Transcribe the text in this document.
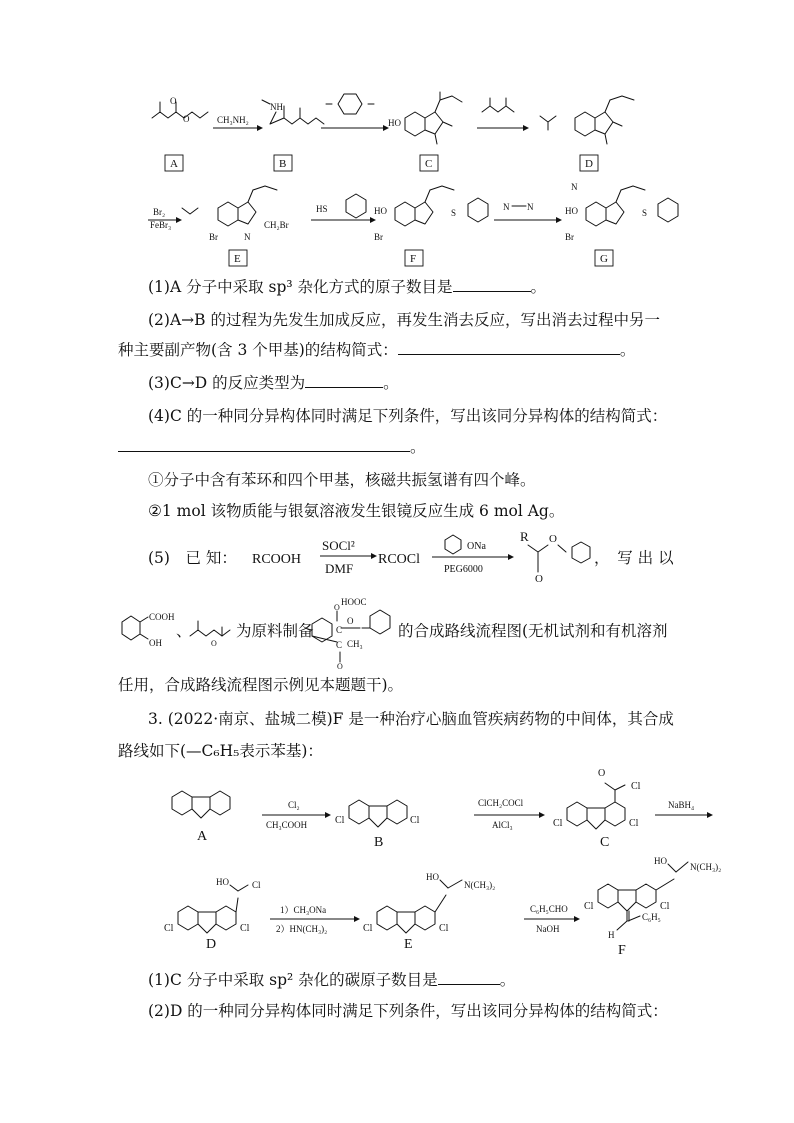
O
O
A
CH₃NH₂
NH
B
HO
C	D
Br₂
FeBr₃
Br
CH₂Br
N
E
HS	HO
Br
S
F
N N
N
HO
Br
S
G
(1)A 分子中采取 sp³ 杂化方式的原子数目是	。
(2)A→B 的过程为先发生加成反应，再发生消去反应，写出消去过程中另一
种主要副产物(含 3 个甲基)的结构简式：	。
(3)C→D 的反应类型为	。
(4)C 的一种同分异构体同时满足下列条件，写出该同分异构体的结构简式：
。
①分子中含有苯环和四个甲基，核磁共振氢谱有四个峰。
②1 mol 该物质能与银氨溶液发生银镜反应生成 6 mol Ag。
(5)　已 知： RCOOH
SOCl²
DMF
RCOCl
ONa
PEG6000
R
O
O
COOH
OH	O
HOOC
C
O
O
C CH₃
O
，　写 出 以
、	为原料制备	的合成路线流程图(无机试剂和有机溶剂
任用，合成路线流程图示例见本题题干)。
3. (2022·南京、盐城二模)F 是一种治疗心脑血管疾病药物的中间体，其合成
路线如下(—C₆H₅表示苯基)：
A
Cl₂
CH₃COOH	Cl	Cl
B
ClCH₂COCl
AlCl₃	Cl
O
Cl
Cl
C
NaBH₄
HO	Cl
Cl	Cl
D
1）CH₃ONa
2）HN(CH₃)₂
HO
N(CH₃)₂
Cl	Cl
E
C₆H₅CHO
NaOH
HO
N(CH₃)₂
Cl	Cl
H
C₆H₅
F
(1)C 分子中采取 sp² 杂化的碳原子数目是	。
(2)D 的一种同分异构体同时满足下列条件，写出该同分异构体的结构简式：
